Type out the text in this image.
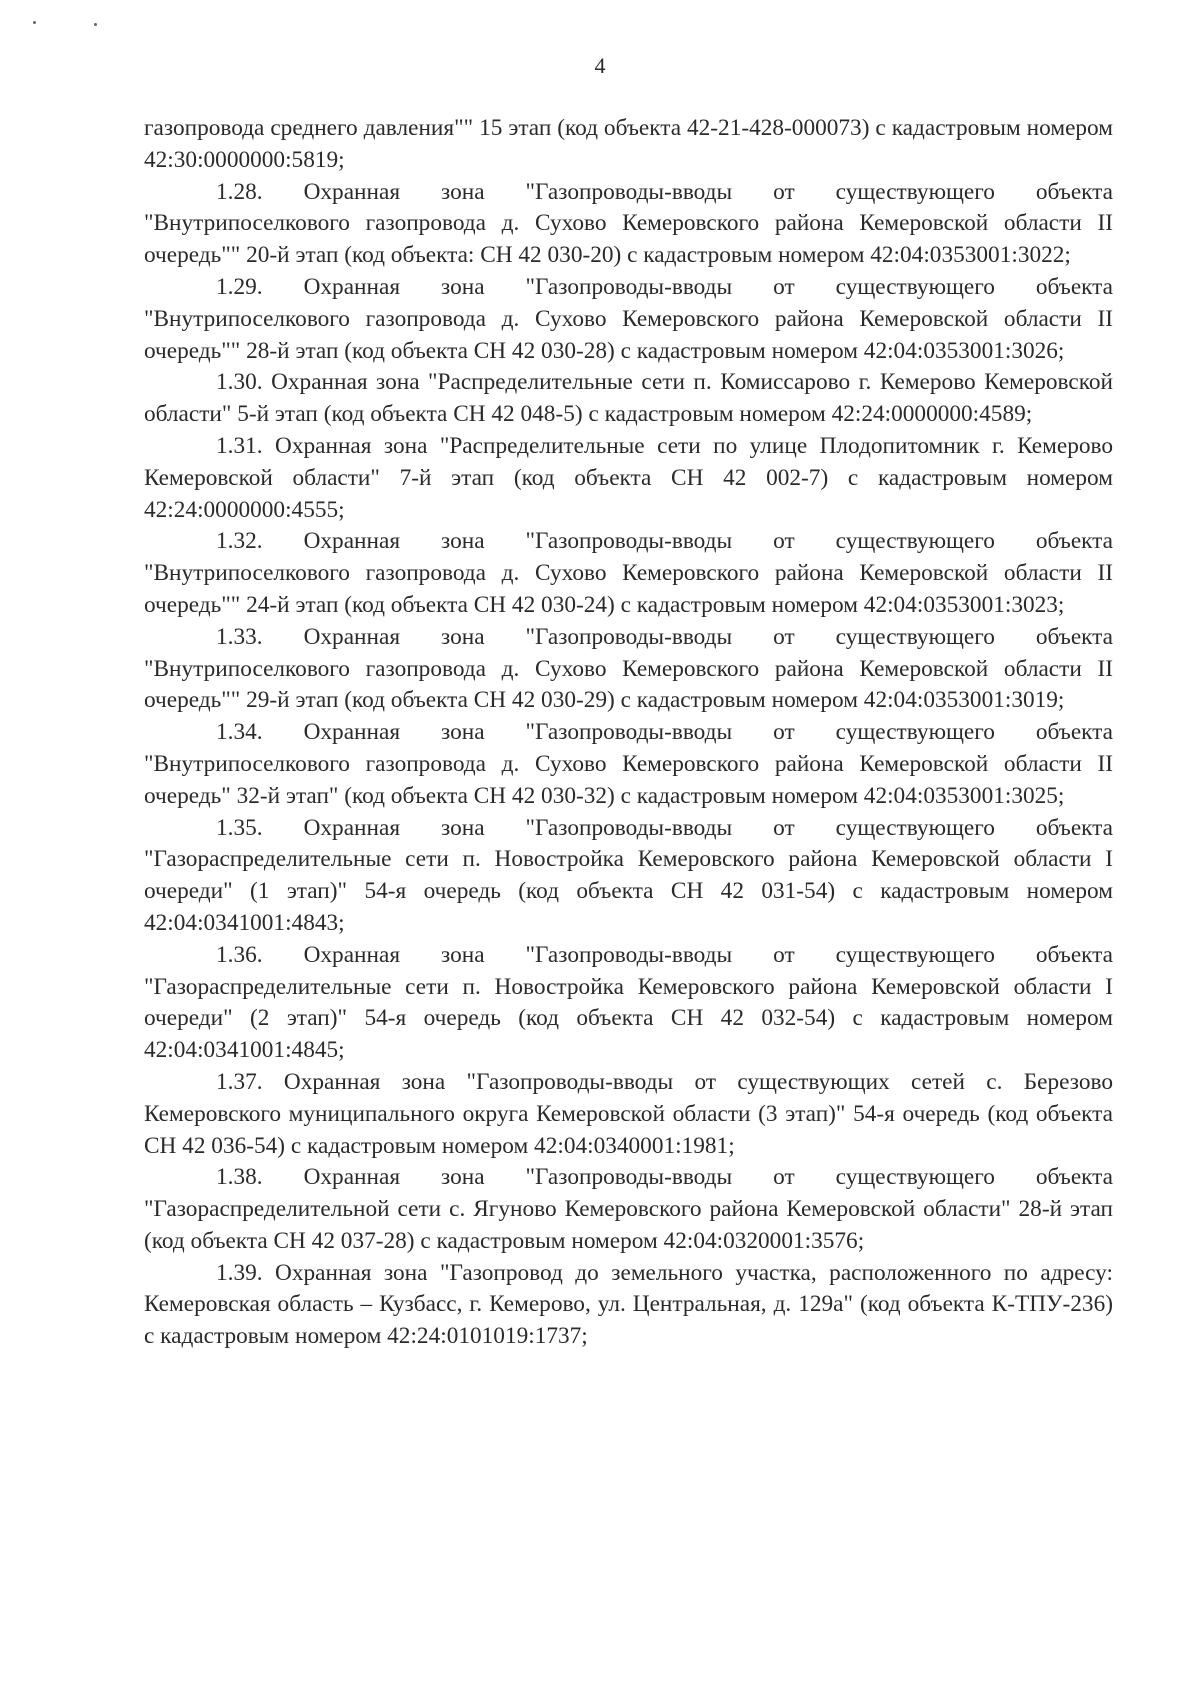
4

газопровода среднего давления"" 15 этап (код объекта 42-21-428-000073) с кадастровым номером 42:30:0000000:5819;

1.28. Охранная зона "Газопроводы-вводы от существующего объекта "Внутрипоселкового газопровода д. Сухово Кемеровского района Кемеровской области II очередь"" 20-й этап (код объекта: СН 42 030-20) с кадастровым номером 42:04:0353001:3022;

1.29. Охранная зона "Газопроводы-вводы от существующего объекта "Внутрипоселкового газопровода д. Сухово Кемеровского района Кемеровской области II очередь"" 28-й этап (код объекта СН 42 030-28) с кадастровым номером 42:04:0353001:3026;

1.30. Охранная зона "Распределительные сети п. Комиссарово г. Кемерово Кемеровской области" 5-й этап (код объекта СН 42 048-5) с кадастровым номером 42:24:0000000:4589;

1.31. Охранная зона "Распределительные сети по улице Плодопитомник г. Кемерово Кемеровской области" 7-й этап (код объекта СН 42 002-7) с кадастровым номером 42:24:0000000:4555;

1.32. Охранная зона "Газопроводы-вводы от существующего объекта "Внутрипоселкового газопровода д. Сухово Кемеровского района Кемеровской области II очередь"" 24-й этап (код объекта СН 42 030-24) с кадастровым номером 42:04:0353001:3023;

1.33. Охранная зона "Газопроводы-вводы от существующего объекта "Внутрипоселкового газопровода д. Сухово Кемеровского района Кемеровской области II очередь"" 29-й этап (код объекта СН 42 030-29) с кадастровым номером 42:04:0353001:3019;

1.34. Охранная зона "Газопроводы-вводы от существующего объекта "Внутрипоселкового газопровода д. Сухово Кемеровского района Кемеровской области II очередь" 32-й этап" (код объекта СН 42 030-32) с кадастровым номером 42:04:0353001:3025;

1.35. Охранная зона "Газопроводы-вводы от существующего объекта "Газораспределительные сети п. Новостройка Кемеровского района Кемеровской области I очереди" (1 этап)" 54-я очередь (код объекта СН 42 031-54) с кадастровым номером 42:04:0341001:4843;

1.36. Охранная зона "Газопроводы-вводы от существующего объекта "Газораспределительные сети п. Новостройка Кемеровского района Кемеровской области I очереди" (2 этап)" 54-я очередь (код объекта СН 42 032-54) с кадастровым номером 42:04:0341001:4845;

1.37. Охранная зона "Газопроводы-вводы от существующих сетей с. Березово Кемеровского муниципального округа Кемеровской области (3 этап)" 54-я очередь (код объекта СН 42 036-54) с кадастровым номером 42:04:0340001:1981;

1.38. Охранная зона "Газопроводы-вводы от существующего объекта "Газораспределительной сети с. Ягуново Кемеровского района Кемеровской области" 28-й этап (код объекта СН 42 037-28) с кадастровым номером 42:04:0320001:3576;

1.39. Охранная зона "Газопровод до земельного участка, расположенного по адресу: Кемеровская область – Кузбасс, г. Кемерово, ул. Центральная, д. 129а" (код объекта К-ТПУ-236) с кадастровым номером 42:24:0101019:1737;
